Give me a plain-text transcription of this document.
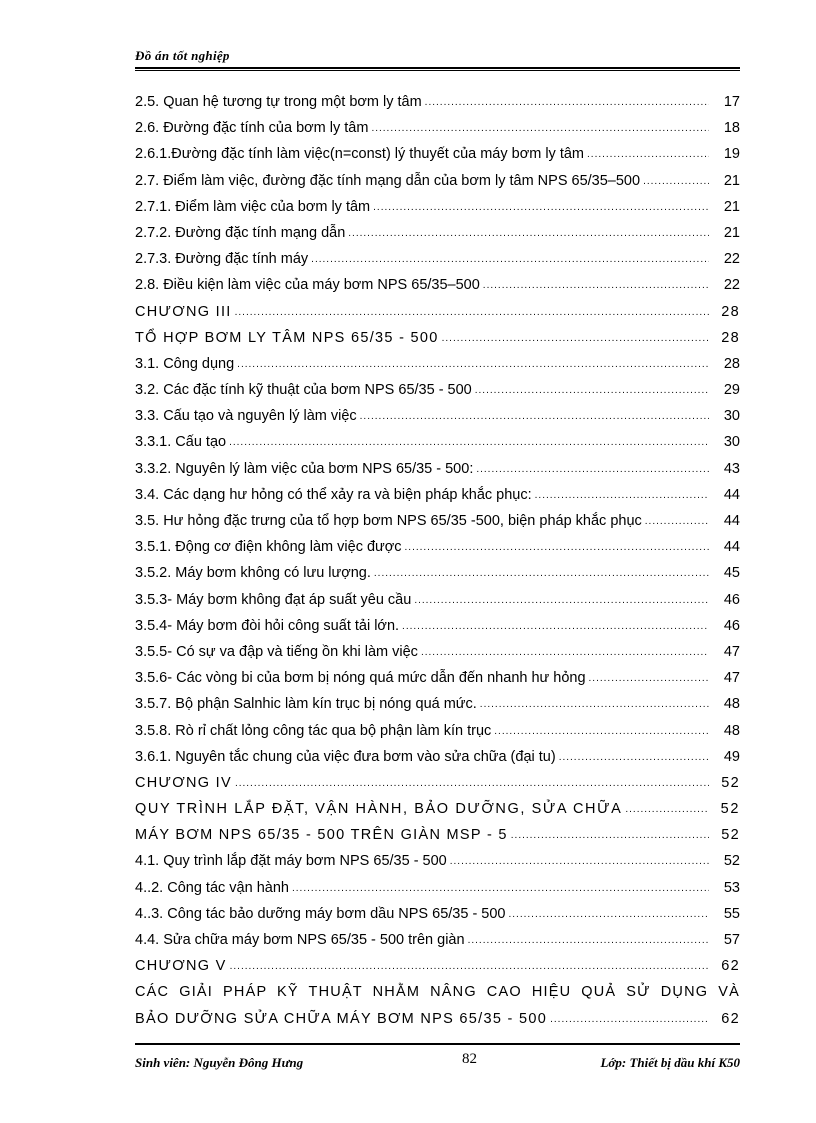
Đồ án tốt nghiệp
2.5. Quan hệ tương tự trong một bơm ly tâm .....	17
2.6. Đường đặc tính của bơm ly tâm .....	18
2.6.1.Đường đặc tính làm việc(n=const) lý thuyết của máy bơm ly tâm .....	19
2.7. Điểm làm việc, đường đặc tính mạng dẫn của bơm ly tâm NPS 65/35–500 .....	21
2.7.1. Điểm làm việc của bơm ly tâm .....	21
2.7.2. Đường đặc tính mạng dẫn .....	21
2.7.3. Đường đặc tính máy .....	22
2.8. Điều kiện làm việc của máy bơm NPS 65/35–500 .....	22
CHƯƠNG III .....	28
TỔ HỢP BƠM LY TÂM NPS 65/35 - 500 .....	28
3.1. Công dụng .....	28
3.2. Các đặc tính kỹ thuật của bơm NPS 65/35 - 500 .....	29
3.3. Cấu tạo và nguyên lý làm việc .....	30
3.3.1. Cấu tạo .....	30
3.3.2. Nguyên lý làm việc của bơm NPS 65/35 - 500: .....	43
3.4. Các dạng hư hỏng có thể xảy ra và biện pháp khắc phục: .....	44
3.5. Hư hỏng đặc trưng của tổ hợp bơm NPS 65/35 -500, biện pháp khắc phục .....	44
3.5.1. Động cơ điện không làm việc được .....	44
3.5.2. Máy bơm không có lưu lượng. .....	45
3.5.3- Máy bơm không đạt áp suất yêu cầu .....	46
3.5.4- Máy bơm đòi hỏi công suất tải lớn. .....	46
3.5.5- Có sự va đập và tiếng ồn khi làm việc .....	47
3.5.6- Các vòng bi của bơm bị nóng quá mức dẫn đến nhanh hư hỏng .....	47
3.5.7. Bộ phận Salnhic làm kín trục bị nóng quá mức. .....	48
3.5.8. Rò rỉ chất lỏng công tác qua bộ phận làm kín trục .....	48
3.6.1. Nguyên tắc chung của việc đưa bơm vào sửa chữa (đại tu) .....	49
CHƯƠNG IV .....	52
QUY TRÌNH LẮP ĐẶT, VẬN HÀNH, BẢO DƯỠNG, SỬA CHỮA .....	52
MÁY BƠM NPS 65/35 - 500 TRÊN GIÀN MSP - 5 .....	52
4.1. Quy trình lắp đặt máy bơm NPS 65/35 - 500 .....	52
4..2. Công tác vận hành .....	53
4..3. Công tác bảo dưỡng máy bơm dầu NPS 65/35 - 500 .....	55
4.4. Sửa chữa máy bơm NPS 65/35 - 500 trên giàn .....	57
CHƯƠNG V .....	62
CÁC GIẢI PHÁP KỸ THUẬT NHẰM NÂNG CAO HIỆU QUẢ SỬ DỤNG VÀ
BẢO DƯỠNG SỬA CHỮA MÁY BƠM NPS 65/35 - 500 .....	62
Sinh viên: Nguyễn Đông Hưng	82	Lớp: Thiết bị dầu khí K50
